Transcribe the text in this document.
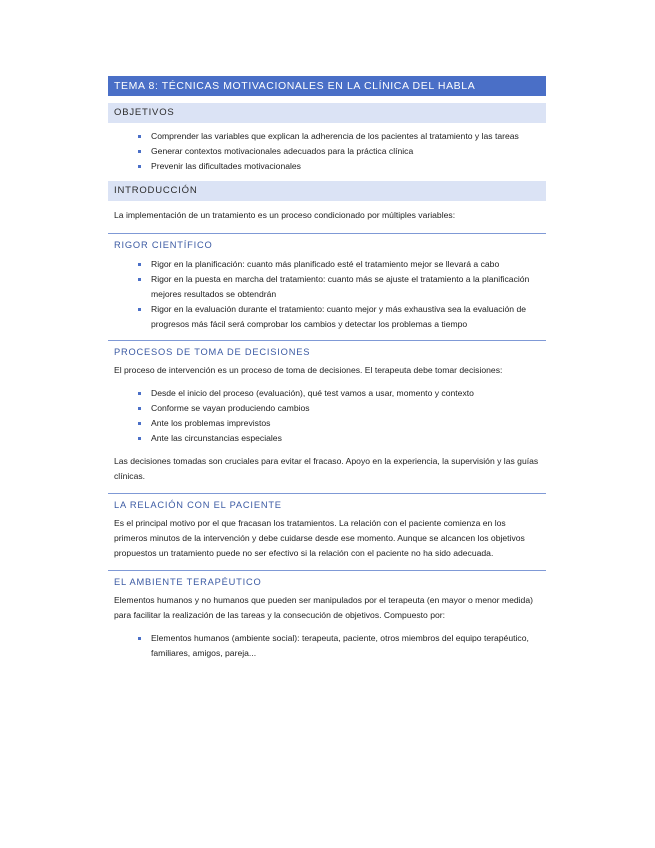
TEMA 8: TÉCNICAS MOTIVACIONALES EN LA CLÍNICA DEL HABLA
OBJETIVOS
Comprender las variables que explican la adherencia de los pacientes al tratamiento y las tareas
Generar contextos motivacionales adecuados para la práctica clínica
Prevenir las dificultades motivacionales
INTRODUCCIÓN
La implementación de un tratamiento es un proceso condicionado por múltiples variables:
RIGOR CIENTÍFICO
Rigor en la planificación: cuanto más planificado esté el tratamiento mejor se llevará a cabo
Rigor en la puesta en marcha del tratamiento: cuanto más se ajuste el tratamiento a la planificación mejores resultados se obtendrán
Rigor en la evaluación durante el tratamiento: cuanto mejor y más exhaustiva sea la evaluación de progresos más fácil será comprobar los cambios y detectar los problemas a tiempo
PROCESOS DE TOMA DE DECISIONES
El proceso de intervención es un proceso de toma de decisiones. El terapeuta debe tomar decisiones:
Desde el inicio del proceso (evaluación), qué test vamos a usar, momento y contexto
Conforme se vayan produciendo cambios
Ante los problemas imprevistos
Ante las circunstancias especiales
Las decisiones tomadas son cruciales para evitar el fracaso. Apoyo en la experiencia, la supervisión y las guías clínicas.
LA RELACIÓN CON EL PACIENTE
Es el principal motivo por el que fracasan los tratamientos. La relación con el paciente comienza en los primeros minutos de la intervención y debe cuidarse desde ese momento. Aunque se alcancen los objetivos propuestos un tratamiento puede no ser efectivo si la relación con el paciente no ha sido adecuada.
EL AMBIENTE TERAPÉUTICO
Elementos humanos y no humanos que pueden ser manipulados por el terapeuta (en mayor o menor medida) para facilitar la realización de las tareas y la consecución de objetivos. Compuesto por:
Elementos humanos (ambiente social): terapeuta, paciente, otros miembros del equipo terapéutico, familiares, amigos, pareja...
